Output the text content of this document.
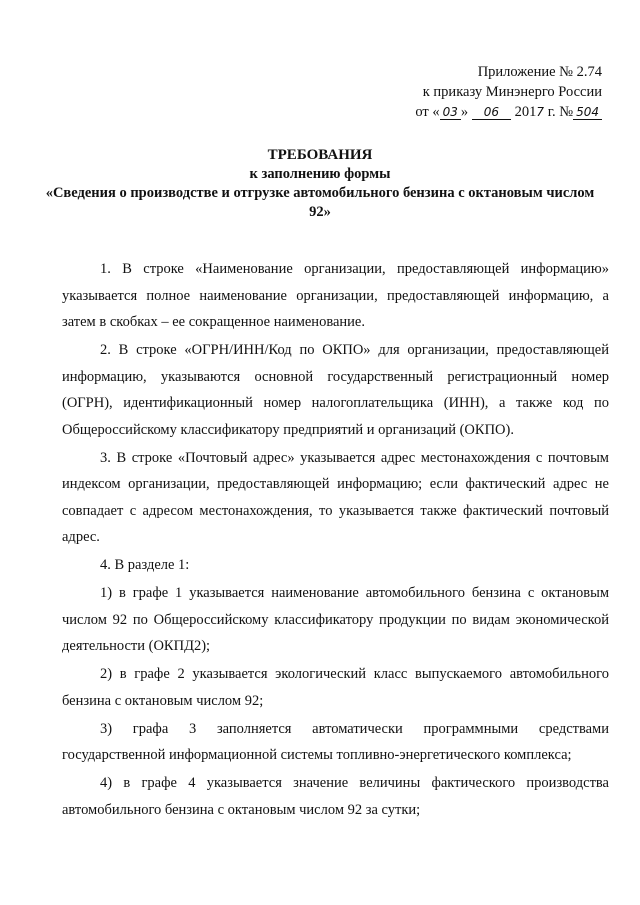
Приложение № 2.74
к приказу Минэнерго России
от « 03 » 06 2017 г. № 504
ТРЕБОВАНИЯ
к заполнению формы
«Сведения о производстве и отгрузке автомобильного бензина с октановым числом 92»

1. В строке «Наименование организации, предоставляющей информацию» указывается полное наименование организации, предоставляющей информацию, а затем в скобках – ее сокращенное наименование.

2. В строке «ОГРН/ИНН/Код по ОКПО» для организации, предоставляющей информацию, указываются основной государственный регистрационный номер (ОГРН), идентификационный номер налогоплательщика (ИНН), а также код по Общероссийскому классификатору предприятий и организаций (ОКПО).

3. В строке «Почтовый адрес» указывается адрес местонахождения с почтовым индексом организации, предоставляющей информацию; если фактический адрес не совпадает с адресом местонахождения, то указывается также фактический почтовый адрес.

4. В разделе 1:

1) в графе 1 указывается наименование автомобильного бензина с октановым числом 92 по Общероссийскому классификатору продукции по видам экономической деятельности (ОКПД2);

2) в графе 2 указывается экологический класс выпускаемого автомобильного бензина с октановым числом 92;

3) графа 3 заполняется автоматически программными средствами государственной информационной системы топливно-энергетического комплекса;

4) в графе 4 указывается значение величины фактического производства автомобильного бензина с октановым числом 92 за сутки;
